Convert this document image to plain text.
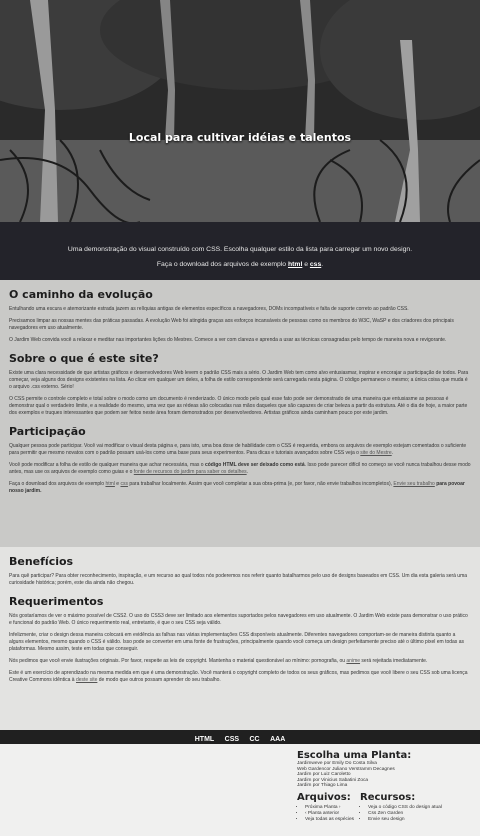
Local para cultivar idéias e talentos
Uma demonstração do visual construído com CSS. Escolha qualquer estilo da lista para carregar um novo design.
Faça o download dos arquivos de exemplo html e css.
O caminho da evolução

Entulhando uma escura e atemorizante estrada jazem as relíquias antigas de elementos específicos a navegadores, DOMs incompatíveis e falta de suporte correto ao padrão CSS.

Precisamos limpar as nossas mentes das práticas passadas. A evolução Web foi atingida graças aos esforços incansáveis de pessoas como os membros do W3C, WaSP e dos criadores dos principais navegadores em uso atualmente.

O Jardim Web convida você a relaxar e meditar nas importantes lições do Mestres. Comece a ver com clareza e aprenda a usar as técnicas consagradas pelo tempo de maneira nova e revigorante.

Sobre o que é este site?

Existe uma clara necessidade de que artistas gráficos e desenvolvedores Web levem o padrão CSS mais a sério. O Jardim Web tem como alvo entusiasmar, inspirar e encorajar a participação de todos. Para começar, veja alguns dos designs existentes na lista. Ao clicar em qualquer um deles, a folha de estilo correspondente será carregada nesta página. O código permanece o mesmo; a única coisa que muda é o arquivo .css externo. Sério!

O CSS permite o controle completo e total sobre o modo como um documento é renderizado. O único modo pelo qual esse fato pode ser demonstrado de uma maneira que entusiasme as pessoas é demonstrar qual o verdadeiro limite, e a realidade do mesmo, uma vez que as rédeas são colocadas nas mãos daqueles que são capazes de criar beleza a partir da estrutura. Até o dia de hoje, a maior parte dos exemplos e truques interessantes que podem ser feitos neste área foram demonstrados por desenvolvedores. Artistas gráficos ainda caminham pouco por este jardim.

Participação

Qualquer pessoa pode participar. Você vai modificar o visual desta página e, para isto, uma boa dose de habilidade com o CSS é requerida, embora os arquivos de exemplo estejam comentados o suficiente para permitir que mesmo novatos com o padrão possam usá-los como uma base para seus experimentos. Para dicas e tutoriais avançados sobre CSS veja o site do Mestre.

Você pode modificar a folha de estilo de qualquer maneira que achar necessária, mas o código HTML deve ser deixado como está. Isso pode parecer difícil no começo se você nunca trabalhou desse modo antes, mas use os arquivos de exemplo como guias e o fonte de recursos do jardim para saber os detalhes.

Faça o download dos arquivos de exemplo html e css para trabalhar localmente. Assim que você completar a sua obra-prima (e, por favor, não envie trabalhos incompletos), Envie seu trabalho para povoar nosso jardim.

Benefícios

Para quê participar? Para obter reconhecimento, inspiração, e um recurso ao qual todos nós poderemos nos referir quanto batalharmos pelo uso de designs baseados em CSS. Um dia esta galeria será uma curiosidade histórica; porém, este dia ainda não chegou.

Requerimentos

Nós gostaríamos de ver o máximo possível de CSS2. O uso do CSS3 deve ser limitado aos elementos suportados pelos navegadores em uso atualmente. O Jardim Web existe para demonstrar o uso prático e funcional do padrão Web. O único requerimento real, entretanto, é que o seu CSS seja válido.

Infelizmente, criar o design dessa maneira colocará em evidência as falhas nas várias implementações CSS disponíveis atualmente. Diferentes navegadores comportam-se de maneira distinta quanto a alguns elementos, mesmo quando o CSS é válido. Isso pode se converter em uma fonte de frustrações, principalmente quando você começa um design perfeitamente preciso até o último pixel em todas as plataformas. Mesmo assim, teste em todas que conseguir.

Nós pedimos que você envie ilustrações originais. Por favor, respeite as leis de copyright. Mantenha o material questionável ao mínimo: pornografia, ou anime será rejeitada imediatamente.

Este é um exercício de aprendizado na mesma medida em que é uma demonstração. Você manterá o copyright completo de todos os seus gráficos, mas pedimos que você libere o seu CSS sob uma licença Creative Commons idêntica à deste site de modo que outros possam aprender do seu trabalho.

HTML CSS CC AAA
Escolha uma Planta:
Jardimweve por Emily Do Costa Silva
Web Gardencor Juliano Verstramm Decagnes
Jardim por Luiz Caroletto
Jardim por Vinicius Sabatini Zoca
Jardim por Thiago Lima
Arquivos:
• Próxima Planta ›
• ‹ Planta anterior
• Veja todas as espécies
Recursos:
• Veja o código CSS do design atual
• Css Zen Garden
• Envie seu design
